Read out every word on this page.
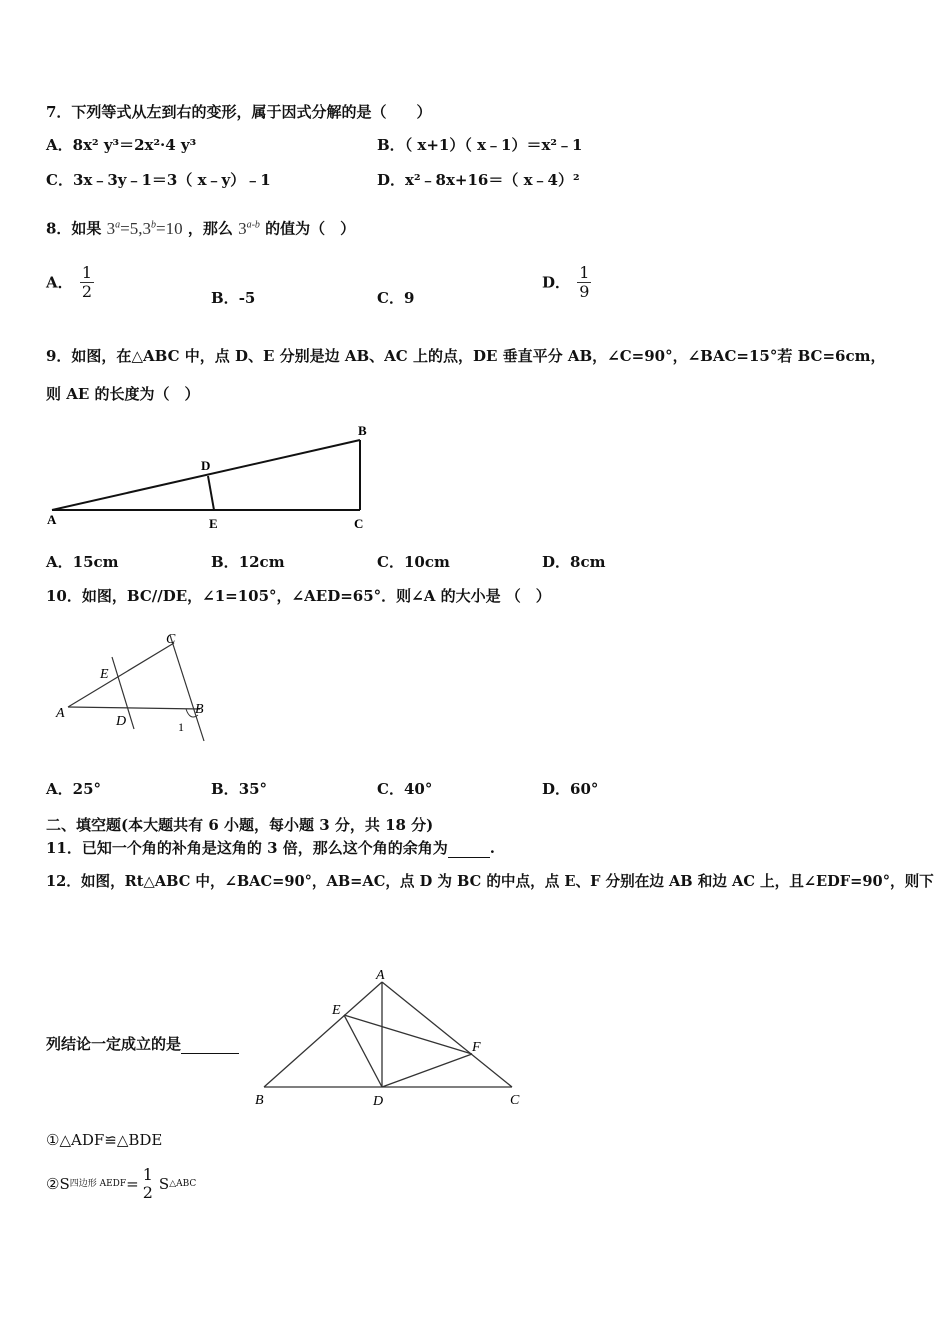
7．下列等式从左到右的变形，属于因式分解的是（　　）
A．8x² y³＝2x²·4 y³	B．（ x+1）（ x﹣1）＝x²﹣1
C．3x﹣3y﹣1＝3（ x﹣y）﹣1	D．x²﹣8x+16＝（ x﹣4）²
8．如果 $3^a=5,3^b=10$ ，那么 3$^{a-b}$ 的值为（　）
A． $\frac{1}{2}$	B．-5	C．9
D． $\frac{1}{9}$
9．如图，在△ABC 中，点 D、E 分别是边 AB、AC 上的点，DE 垂直平分 AB，∠C=90°，∠BAC=15°若 BC=6cm，
则 AE 的长度为（　）
A
B
C
D
E
A．15cm	B．12cm	C．10cm	D．8cm
10．如图，BC//DE，∠1=105°，∠AED=65°．则∠A 的大小是 （　）
A	B
C
D
E
1
A．25°	B．35°	C．40°	D．60°
二、填空题(本大题共有 6 小题，每小题 3 分，共 18 分)
11．已知一个角的补角是这角的 3 倍，那么这个角的余角为	.
12．如图，Rt△ABC 中，∠BAC=90°，AB=AC，点 D 为 BC 的中点，点 E、F 分别在边 AB 和边 AC 上，且∠EDF=90°，则下
列结论一定成立的是
A
B	C
D
E
F
①△ADF≌△BDE
②S四边形 AEDF= 1
2 S△ABC
